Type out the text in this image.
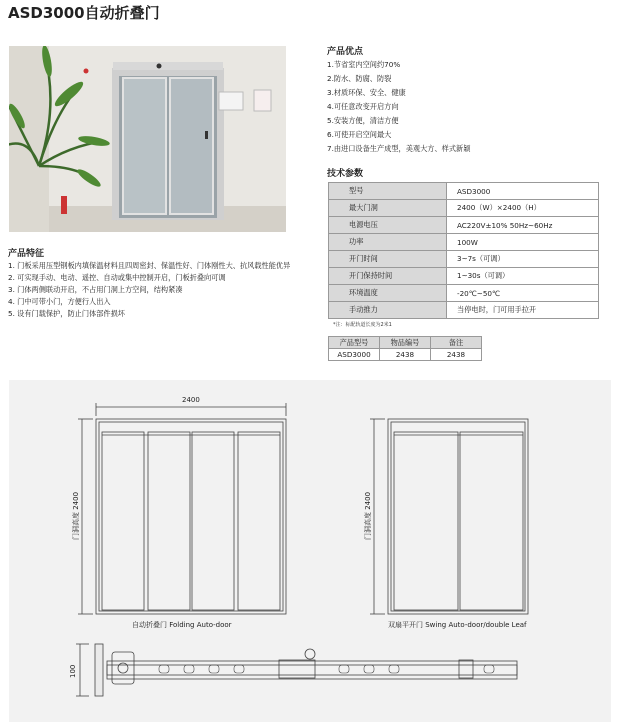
ASD3000自动折叠门
产品特征
1. 门板采用压型钢板内填保温材料且四周密封、保温性好、门体刚性大、抗风载性能优异
2. 可实现手动、电动、遥控、自动或集中控制开启，门板折叠向可调
3. 门体两侧联动开启，不占用门洞上方空间，结构紧凑
4. 门中可带小门，方便行人出入
5. 设有门载保护，防止门体部件损坏
产品优点
1.节省室内空间约70%
2.防水、防腐、防裂
3.材质环保、安全、健康
4.可任意改变开启方向
5.安装方便，清洁方便
6.可使开启空间最大
7.由进口设备生产成型，美观大方、样式新颖
技术参数
型号	ASD3000
最大门洞	2400（W）×2400（H）
电源电压	AC220V±10% 50Hz~60Hz
功率	100W
开门时间	3~7s（可调）
开门保持时间	1~30s（可调）
环境温度	-20℃~50℃
手动推力	当停电时，门可用手拉开
*注：标配轨道长度为2米1
产品型号	物品编号	备注
ASD3000	2438	2438
2400
门洞高度 2400	门洞高度 2400
自动折叠门 Folding Auto-door	双扇平开门 Swing Auto-door/double Leaf
100
